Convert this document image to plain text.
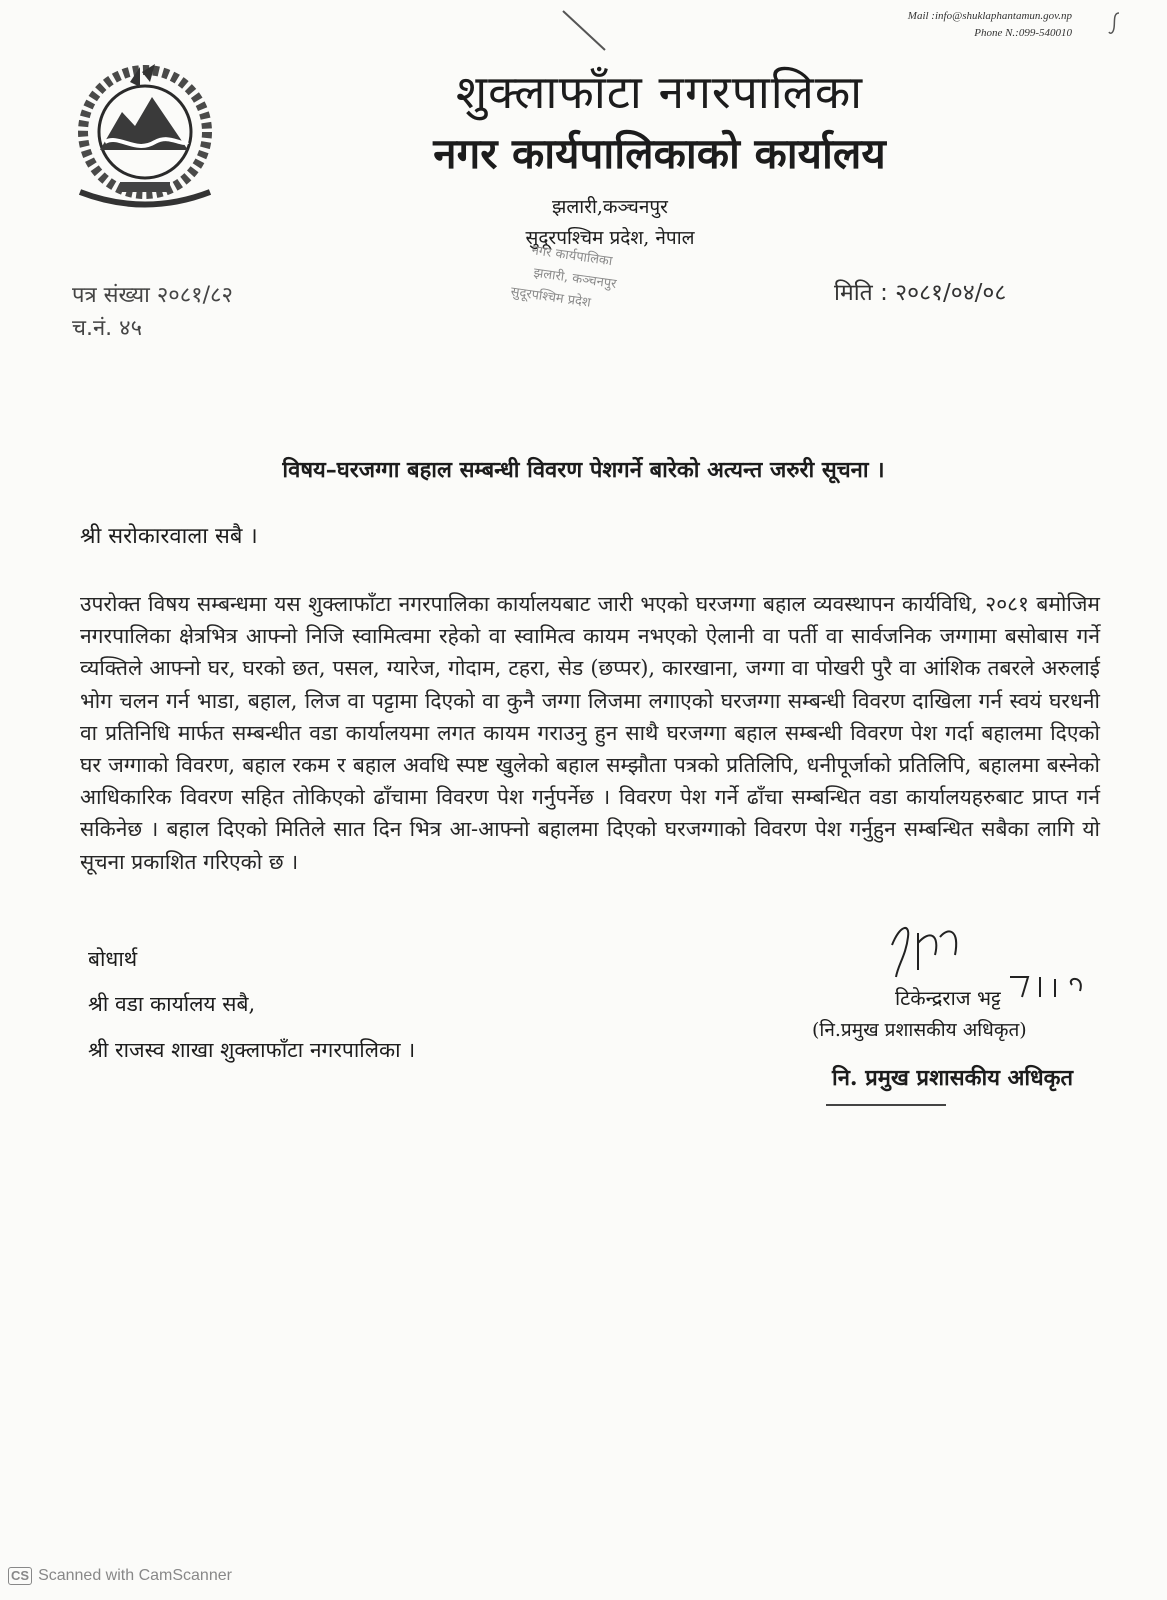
Mail :info@shuklaphantamun.gov.np
Phone N.:099-540010
शुक्लाफाँटा नगरपालिका
नगर कार्यपालिकाको कार्यालय
झलारी,कञ्चनपुर
सुदूरपश्चिम प्रदेश, नेपाल
पत्र संख्या २०८१/८२
च.नं. ४५
मिति : २०८१/०४/०८
नगर कार्यपालिका
झलारी, कञ्चनपुर
सुदूरपश्चिम प्रदेश
विषय–घरजग्गा बहाल सम्बन्धी विवरण पेशगर्ने बारेको अत्यन्त जरुरी सूचना ।
श्री सरोकारवाला सबै ।
उपरोक्त विषय सम्बन्धमा यस शुक्लाफाँटा नगरपालिका कार्यालयबाट जारी भएको घरजग्गा बहाल व्यवस्थापन कार्यविधि, २०८१ बमोजिम नगरपालिका क्षेत्रभित्र आफ्नो निजि स्वामित्वमा रहेको वा स्वामित्व कायम नभएको ऐलानी वा पर्ती वा सार्वजनिक जग्गामा बसोबास गर्ने व्यक्तिले आफ्नो घर, घरको छत, पसल, ग्यारेज, गोदाम, टहरा, सेड (छप्पर), कारखाना, जग्गा वा पोखरी पुरै वा आंशिक तबरले अरुलाई भोग चलन गर्न भाडा, बहाल, लिज वा पट्टामा दिएको वा कुनै जग्गा लिजमा लगाएको घरजग्गा सम्बन्धी विवरण दाखिला गर्न स्वयं घरधनी वा प्रतिनिधि मार्फत सम्बन्धीत वडा कार्यालयमा लगत कायम गराउनु हुन साथै घरजग्गा बहाल सम्बन्धी विवरण पेश गर्दा बहालमा दिएको घर जग्गाको विवरण, बहाल रकम र बहाल अवधि स्पष्ट खुलेको बहाल सम्झौता पत्रको प्रतिलिपि, धनीपूर्जाको प्रतिलिपि, बहालमा बस्नेको आधिकारिक विवरण सहित तोकिएको ढाँचामा विवरण पेश गर्नुपर्नेछ । विवरण पेश गर्ने ढाँचा सम्बन्धित वडा कार्यालयहरुबाट प्राप्त गर्न सकिनेछ । बहाल दिएको मितिले सात दिन भित्र आ-आफ्नो बहालमा दिएको घरजग्गाको विवरण पेश गर्नुहुन सम्बन्धित सबैका लागि यो सूचना प्रकाशित गरिएको छ ।
बोधार्थ
श्री वडा कार्यालय सबै,
श्री राजस्व शाखा शुक्लाफाँटा नगरपालिका ।
टिकेन्द्रराज भट्ट
(नि.प्रमुख प्रशासकीय अधिकृत)
नि. प्रमुख प्रशासकीय अधिकृत
CS Scanned with CamScanner
